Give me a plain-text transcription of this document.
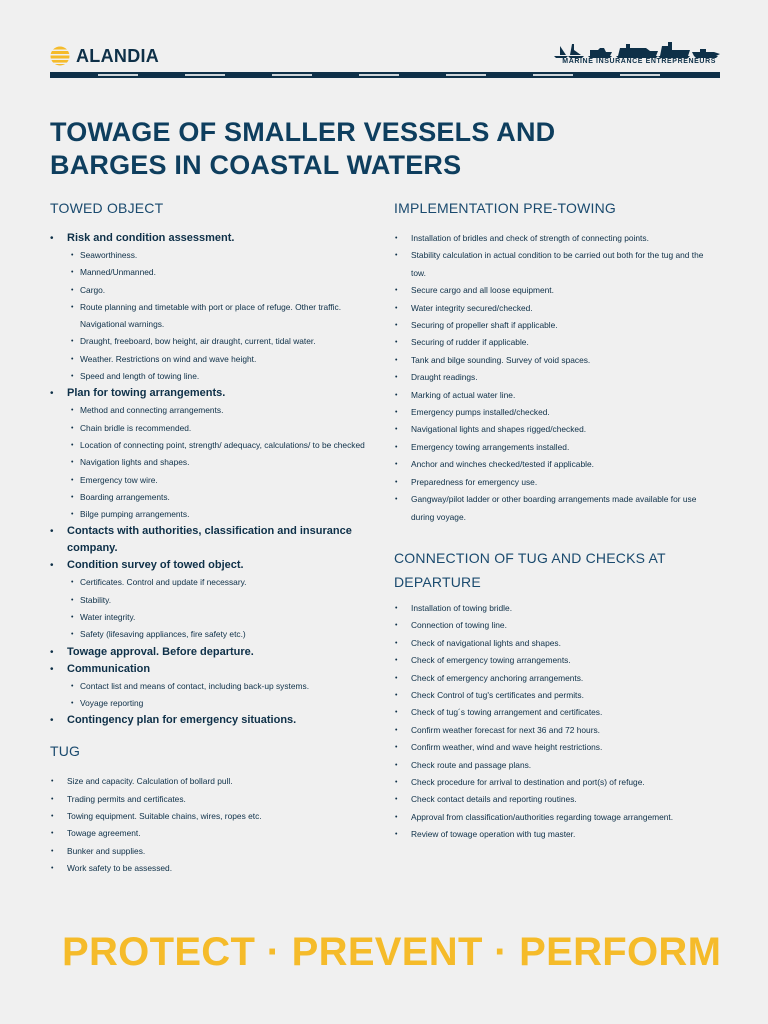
ALANDIA	MARINE INSURANCE ENTREPRENEURS
TOWAGE OF SMALLER VESSELS AND BARGES IN COASTAL WATERS
TOWED OBJECT
• Risk and condition assessment.
• Seaworthiness.
• Manned/Unmanned.
• Cargo.
• Route planning and timetable with port or place of refuge. Other traffic. Navigational warnings.
• Draught, freeboard, bow height, air draught, current, tidal water.
• Weather. Restrictions on wind and wave height.
• Speed and length of towing line.
• Plan for towing arrangements.
• Method and connecting arrangements.
• Chain bridle is recommended.
• Location of connecting point, strength/ adequacy, calculations/ to be checked
• Navigation lights and shapes.
• Emergency tow wire.
• Boarding arrangements.
• Bilge pumping arrangements.
• Contacts with authorities, classification and insurance company.
• Condition survey of towed object.
• Certificates. Control and update if necessary.
• Stability.
• Water integrity.
• Safety (lifesaving appliances, fire safety etc.)
• Towage approval. Before departure.
• Communication
• Contact list and means of contact, including back-up systems.
• Voyage reporting
• Contingency plan for emergency situations.
TUG
• Size and capacity. Calculation of bollard pull.
• Trading permits and certificates.
• Towing equipment. Suitable chains, wires, ropes etc.
• Towage agreement.
• Bunker and supplies.
• Work safety to be assessed.
IMPLEMENTATION PRE-TOWING
• Installation of bridles and check of strength of connecting points.
• Stability calculation in actual condition to be carried out both for the tug and the tow.
• Secure cargo and all loose equipment.
• Water integrity secured/checked.
• Securing of propeller shaft if applicable.
• Securing of rudder if applicable.
• Tank and bilge sounding. Survey of void spaces.
• Draught readings.
• Marking of actual water line.
• Emergency pumps installed/checked.
• Navigational lights and shapes rigged/checked.
• Emergency towing arrangements installed.
• Anchor and winches checked/tested if applicable.
• Preparedness for emergency use.
• Gangway/pilot ladder or other boarding arrangements made available for use during voyage.
CONNECTION OF TUG AND CHECKS AT DEPARTURE
• Installation of towing bridle.
• Connection of towing line.
• Check of navigational lights and shapes.
• Check of emergency towing arrangements.
• Check of emergency anchoring arrangements.
• Check Control of tug's certificates and permits.
• Check of tug´s towing arrangement and certificates.
• Confirm weather forecast for next 36 and 72 hours.
• Confirm weather, wind and wave height restrictions.
• Check route and passage plans.
• Check procedure for arrival to destination and port(s) of refuge.
• Check contact details and reporting routines.
• Approval from classification/authorities regarding towage arrangement.
• Review of towage operation with tug master.
PROTECT · PREVENT · PERFORM
